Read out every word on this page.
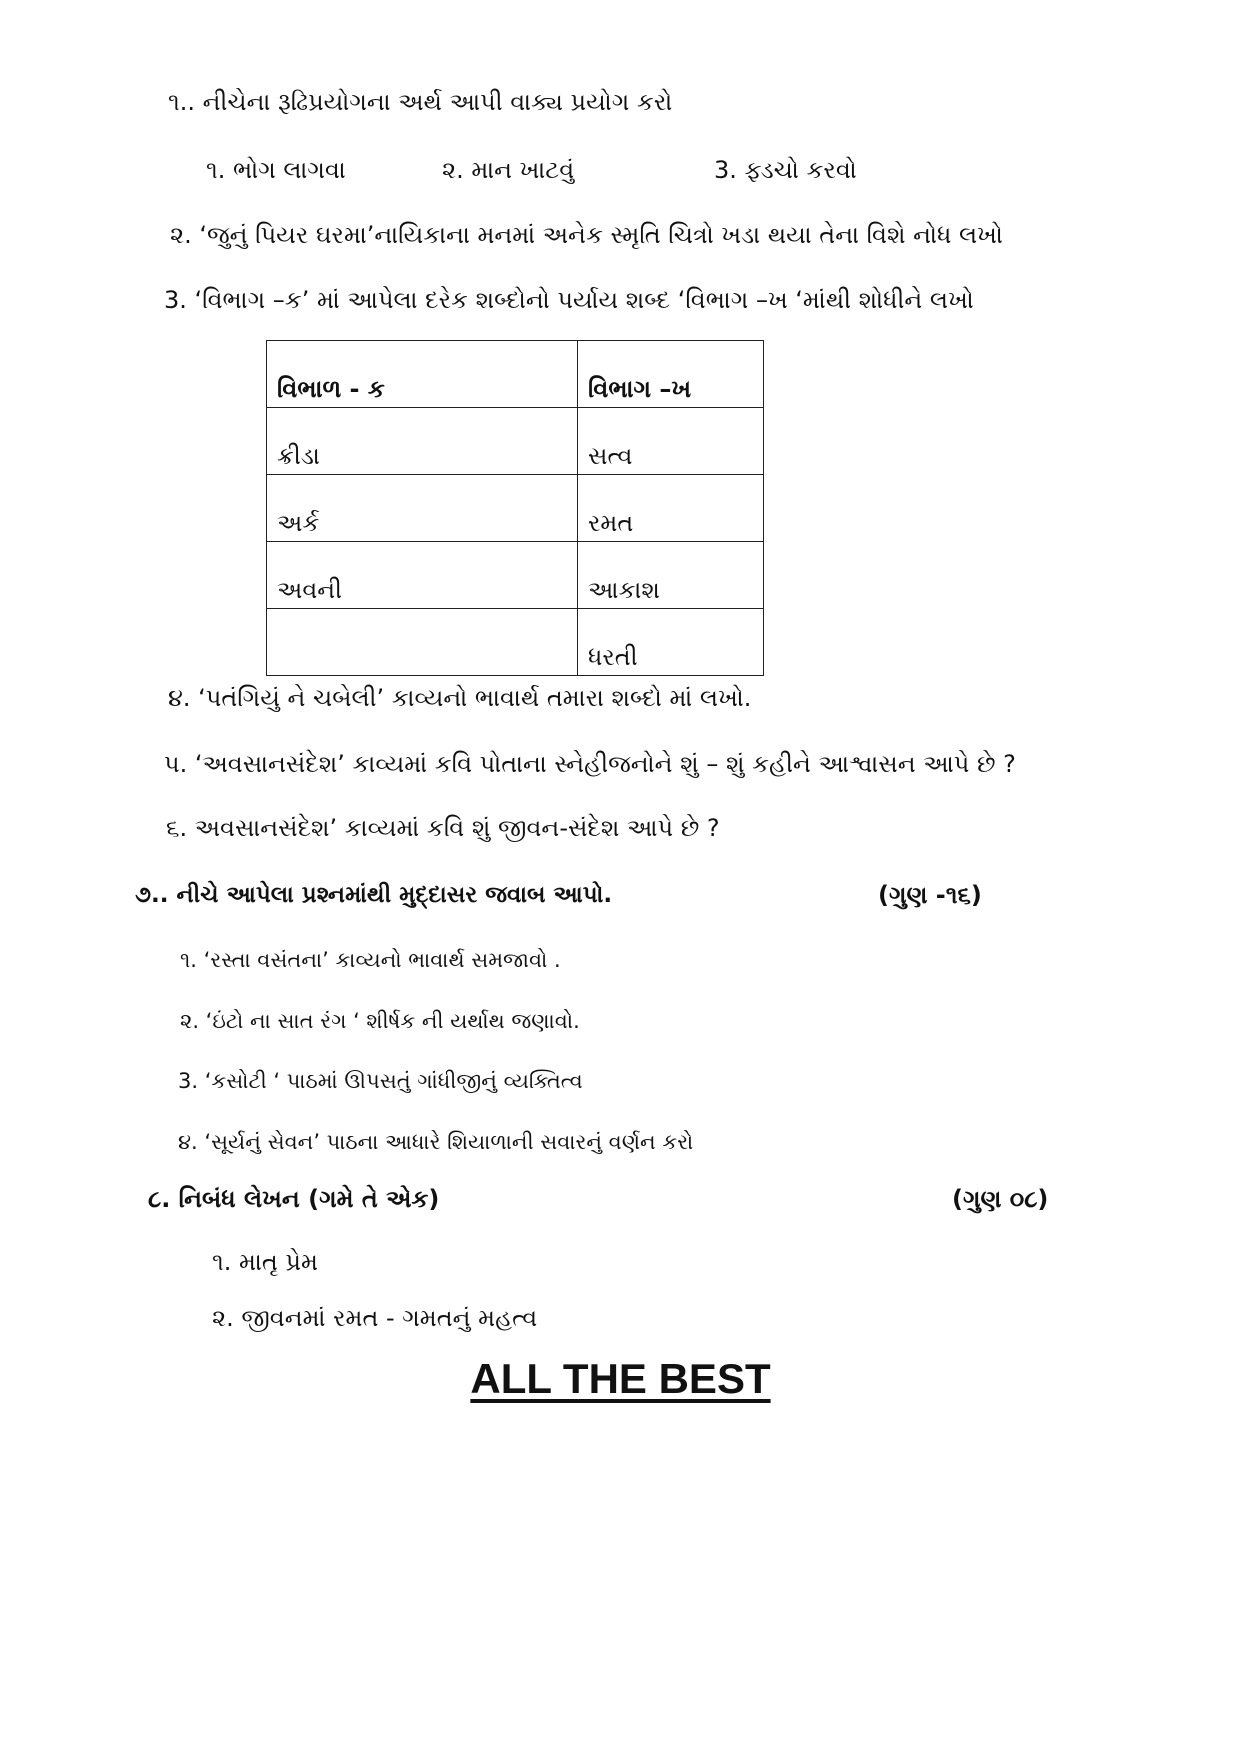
૧.. નીચેના રૂઢિપ્રયોગના અર્થ આપી વાક્ય પ્રયોગ કરો
૧. ભોગ લાગવા	૨. માન ખાટવું	3. ફ્ડચો કરવો
૨. ‘જુનું પિયર ઘરમા’નાયિકાના મનમાં અનેક સ્મૃતિ ચિત્રો ખડા થયા તેના વિશે નોધ લખો
3. ‘વિભાગ –ક’ માં આપેલા દરેક શબ્દોનો પર્યાય શબ્દ ‘વિભાગ –ખ ‘માંથી શોધીને લખો
વિભાળ - ક	વિભાગ –ખ
ક્રીડા	સત્વ
અર્ક	રમત
અવની	આકાશ
	ધરતી
૪. ‘પતંગિયું ને ચબેલી’ કાવ્યનો ભાવાર્થ તમારા શબ્દો માં લખો.
પ. ‘અવસાનસંદેશ’ કાવ્યમાં કવિ પોતાના સ્નેહીજનોને શું – શું કહીને આશ્વાસન આપે છે ?
૬. અવસાનસંદેશ’ કાવ્યમાં કવિ શું જીવન-સંદેશ આપે છે ?
૭.. નીચે આપેલા પ્રશ્નમાંથી મુદ્દાસર જવાબ આપો.	(ગુણ -૧૬)
૧. ‘રસ્તા વસંતના’ કાવ્યનો ભાવાર્થ સમજાવો .
૨. ‘ઇંટો ના સાત રંગ ‘ શીર્ષક ની યર્થાથ જણાવો.
3. ‘કસોટી ‘ પાઠમાં ઊપસતું ગાંધીજીનું વ્યક્તિત્વ
૪. ‘સૂર્યનું સેવન’ પાઠના આધારે શિયાળાની સવારનું વર્ણન કરો
૮. નિબંધ લેખન (ગમે તે એક)	(ગુણ ૦૮)
૧. માતૃ પ્રેમ
૨. જીવનમાં રમત - ગમતનું મહત્વ
ALL THE BEST
